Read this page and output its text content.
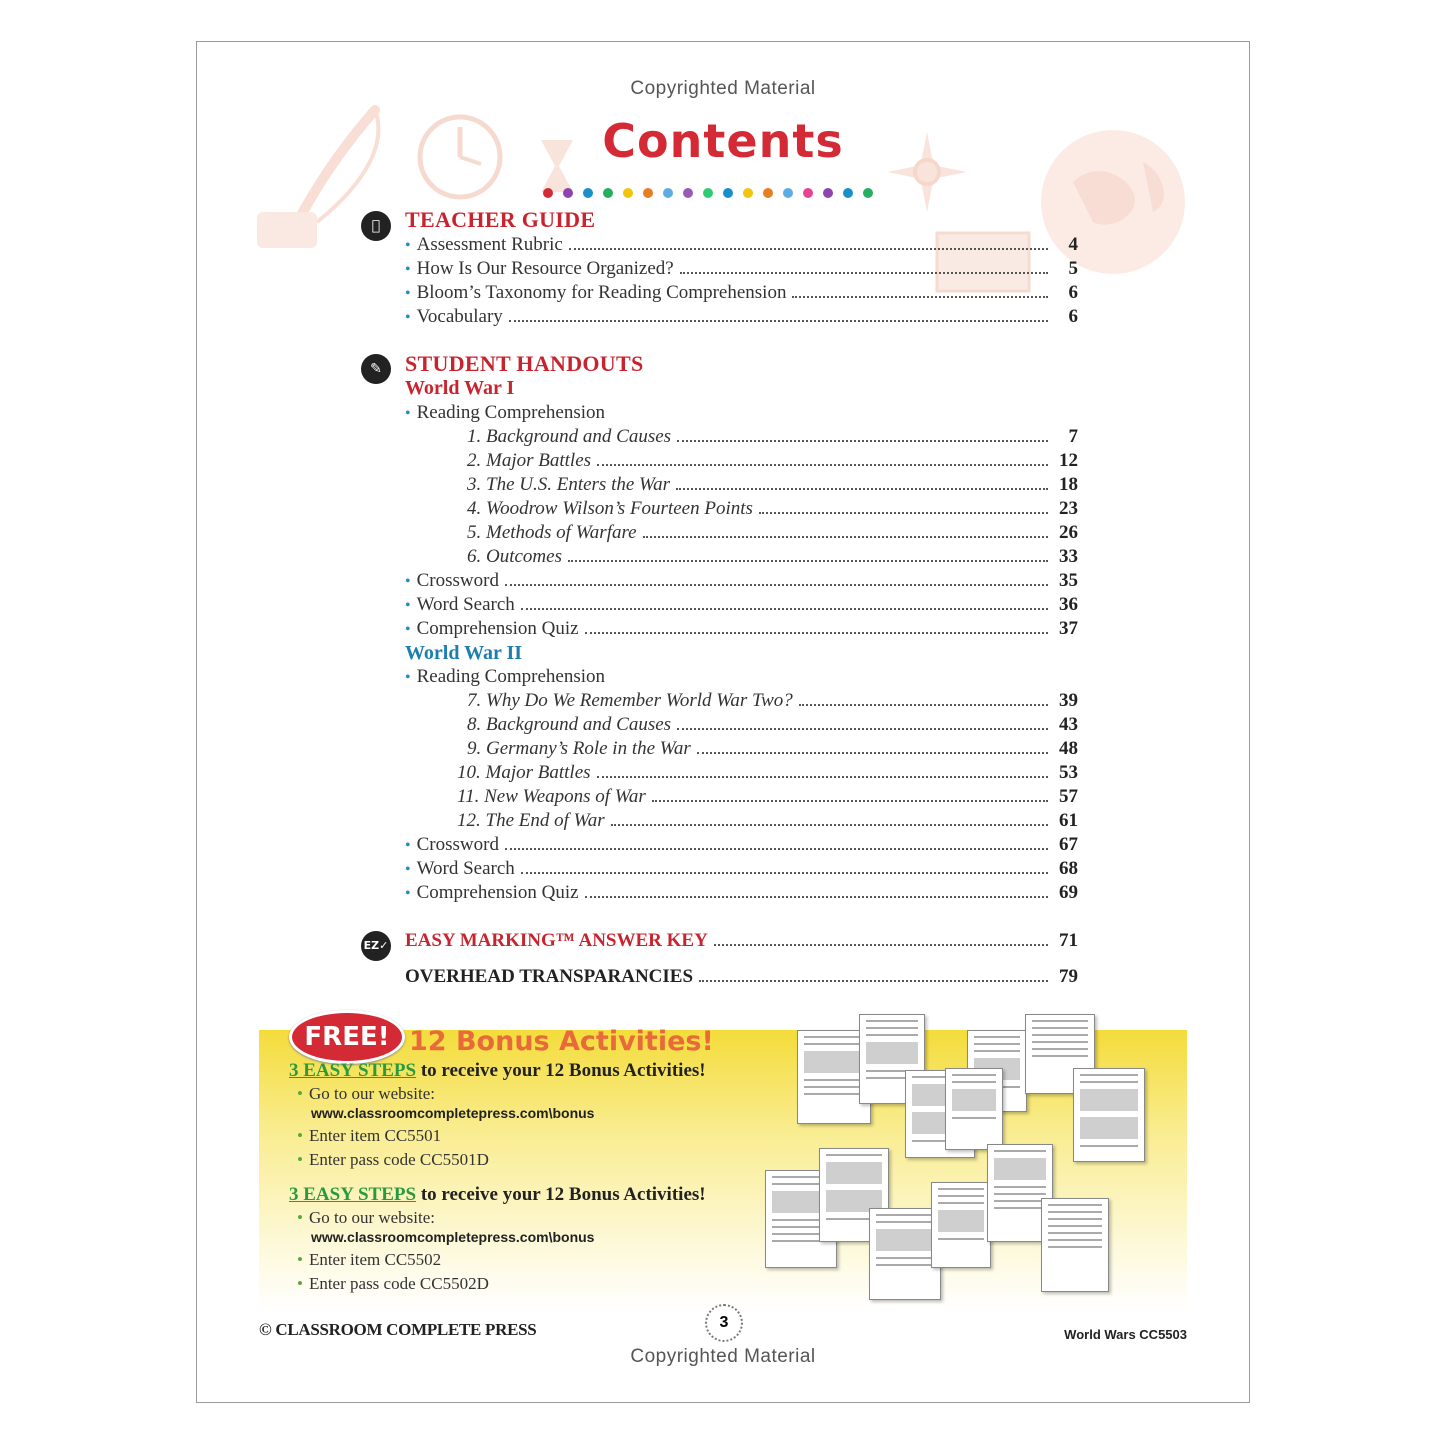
Copyrighted Material
Contents
TEACHER GUIDE
• Assessment Rubric	4
• How Is Our Resource Organized?	5
• Bloom’s Taxonomy for Reading Comprehension	6
• Vocabulary	6
✎	STUDENT HANDOUTS
World War I
• Reading Comprehension
1. Background and Causes	7
2. Major Battles	12
3. The U.S. Enters the War	18
4. Woodrow Wilson’s Fourteen Points	23
5. Methods of Warfare	26
6. Outcomes	33
• Crossword	35
• Word Search	36
• Comprehension Quiz	37
World War II
• Reading Comprehension
7. Why Do We Remember World War Two?	39
8. Background and Causes	43
9. Germany’s Role in the War	48
10. Major Battles	53
11. New Weapons of War	57
12. The End of War	61
• Crossword	67
• Word Search	68
• Comprehension Quiz	69
EZ✓ EASY MARKING™ ANSWER KEY	71
OVERHEAD TRANSPARANCIES	79
FREE! 12 Bonus Activities!
3 EASY STEPS to receive your 12 Bonus Activities!
• Go to our website:
www.classroomcompletepress.com\bonus
• Enter item CC5501
• Enter pass code CC5501D
3 EASY STEPS to receive your 12 Bonus Activities!
• Go to our website:
www.classroomcompletepress.com\bonus
• Enter item CC5502
• Enter pass code CC5502D
© CLASSROOM COMPLETE PRESS	3
World Wars CC5503
Copyrighted Material
